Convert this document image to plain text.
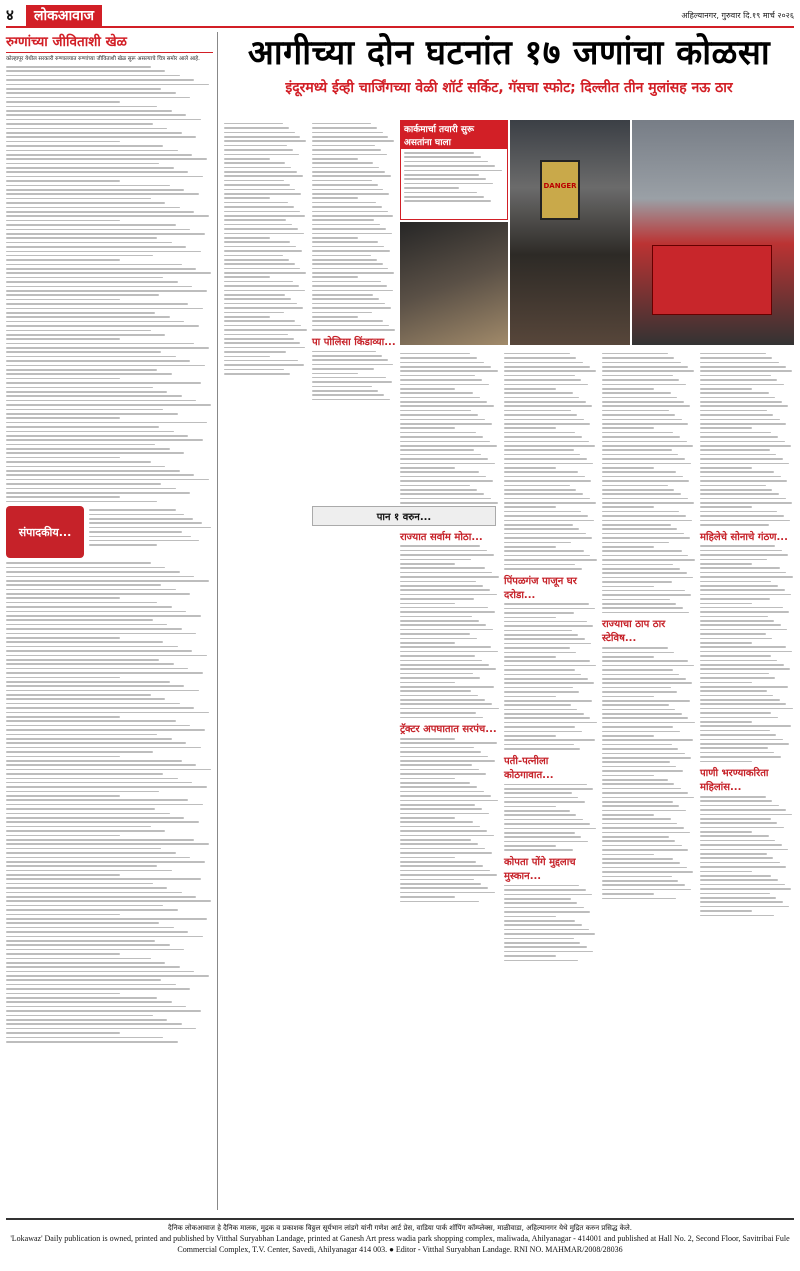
४	लोकआवाज	अहिल्यानगर, गुरुवार दि.१९ मार्च २०२६
रुग्णांच्या जीविताशी खेळ
कोल्हापूर येथील सरकारी रुग्णालयात रुग्णांच्या जीविताशी खेळ सुरू असल्याचे चित्र समोर आले आहे.
संपादकीय...
आगीच्या दोन घटनांत १७ जणांचा कोळसा
इंदूरमध्ये ईव्ही चार्जिंगच्या वेळी शॉर्ट सर्किट, गॅसचा स्फोट; दिल्लीत तीन मुलांसह नऊ ठार
कार्कमार्चा तयारी सुरू असतांना घाला
DANGER
पा पोलिसा किंडाव्या...
राज्यात सर्वाम मोठा...
ट्रॅक्टर अपघातात सरपंच...
पिंपळगंज पाजून घर दरोडा...
पती-पत्नीला कोठगावात...
कोपता पोंगे मुद्दलाच मुस्कान...
राज्याचा ठाप ठार स्टेविष...
महिलेचे सोनाचे गंठण...
पाणी भरण्याकरिता महिलांस...
पान १ वरुन...
दैनिक लोकआवाज हे दैनिक मालक, मुद्रक व प्रकाशक विठ्ठल सूर्यभान लांडगे यांनी गणेश आर्ट प्रेस, वाडिया पार्क शॉपिंग कॉम्प्लेक्स, माळीवाडा, अहिल्यानगर येथे मुद्रित करुन प्रसिद्ध केले.
'Lokawaz' Daily publication is owned, printed and published by Vitthal Suryabhan Landage, printed at Ganesh Art press wadia park shopping complex, maliwada, Ahilyanagar - 414001 and published at Hall No. 2, Second Floor, Savitribai Fule Commercial Complex, T.V. Center, Savedi, Ahilyanagar 414 003. ● Editor - Vitthal Suryabhan Landage. RNI NO. MAHMAR/2008/28036
